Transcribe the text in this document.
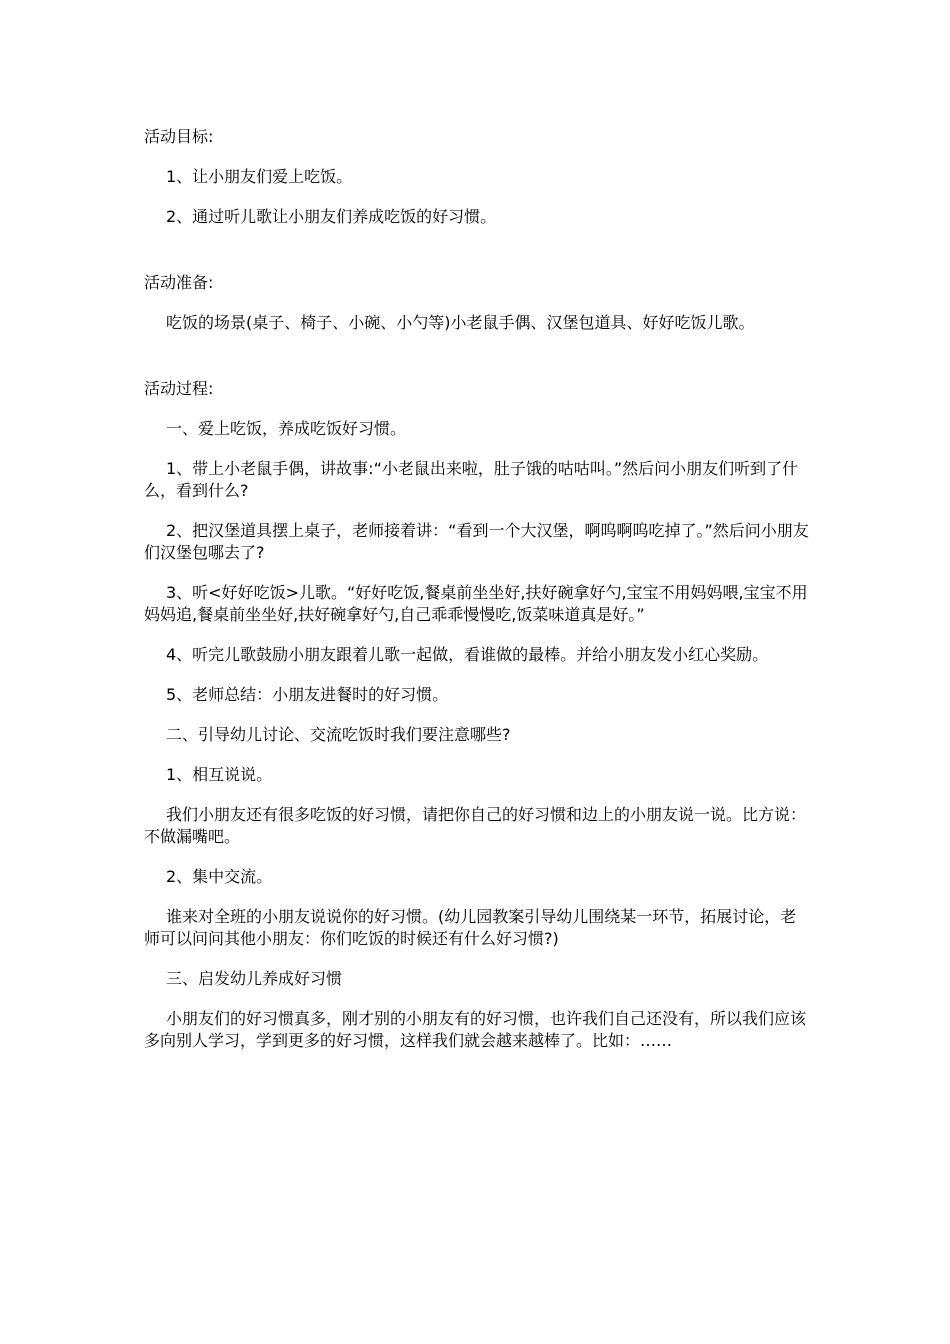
活动目标:

1、让小朋友们爱上吃饭。

2、通过听儿歌让小朋友们养成吃饭的好习惯。

活动准备:

吃饭的场景(桌子、椅子、小碗、小勺等)小老鼠手偶、汉堡包道具、好好吃饭儿歌。

活动过程:

一、爱上吃饭，养成吃饭好习惯。

1、带上小老鼠手偶，讲故事:“小老鼠出来啦，肚子饿的咕咕叫。”然后问小朋友们听到了什么，看到什么?

2、把汉堡道具摆上桌子，老师接着讲：“看到一个大汉堡，啊呜啊呜吃掉了。”然后问小朋友们汉堡包哪去了?

3、听<好好吃饭>儿歌。“好好吃饭,餐桌前坐坐好,扶好碗拿好勺,宝宝不用妈妈喂,宝宝不用妈妈追,餐桌前坐坐好,扶好碗拿好勺,自己乖乖慢慢吃,饭菜味道真是好。”

4、听完儿歌鼓励小朋友跟着儿歌一起做，看谁做的最棒。并给小朋友发小红心奖励。

5、老师总结：小朋友进餐时的好习惯。

二、引导幼儿讨论、交流吃饭时我们要注意哪些?

1、相互说说。

我们小朋友还有很多吃饭的好习惯，请把你自己的好习惯和边上的小朋友说一说。比方说：不做漏嘴吧。

2、集中交流。

谁来对全班的小朋友说说你的好习惯。(幼儿园教案引导幼儿围绕某一环节，拓展讨论，老师可以问问其他小朋友：你们吃饭的时候还有什么好习惯?)

三、启发幼儿养成好习惯

小朋友们的好习惯真多，刚才别的小朋友有的好习惯，也许我们自己还没有，所以我们应该多向别人学习，学到更多的好习惯，这样我们就会越来越棒了。比如：……
